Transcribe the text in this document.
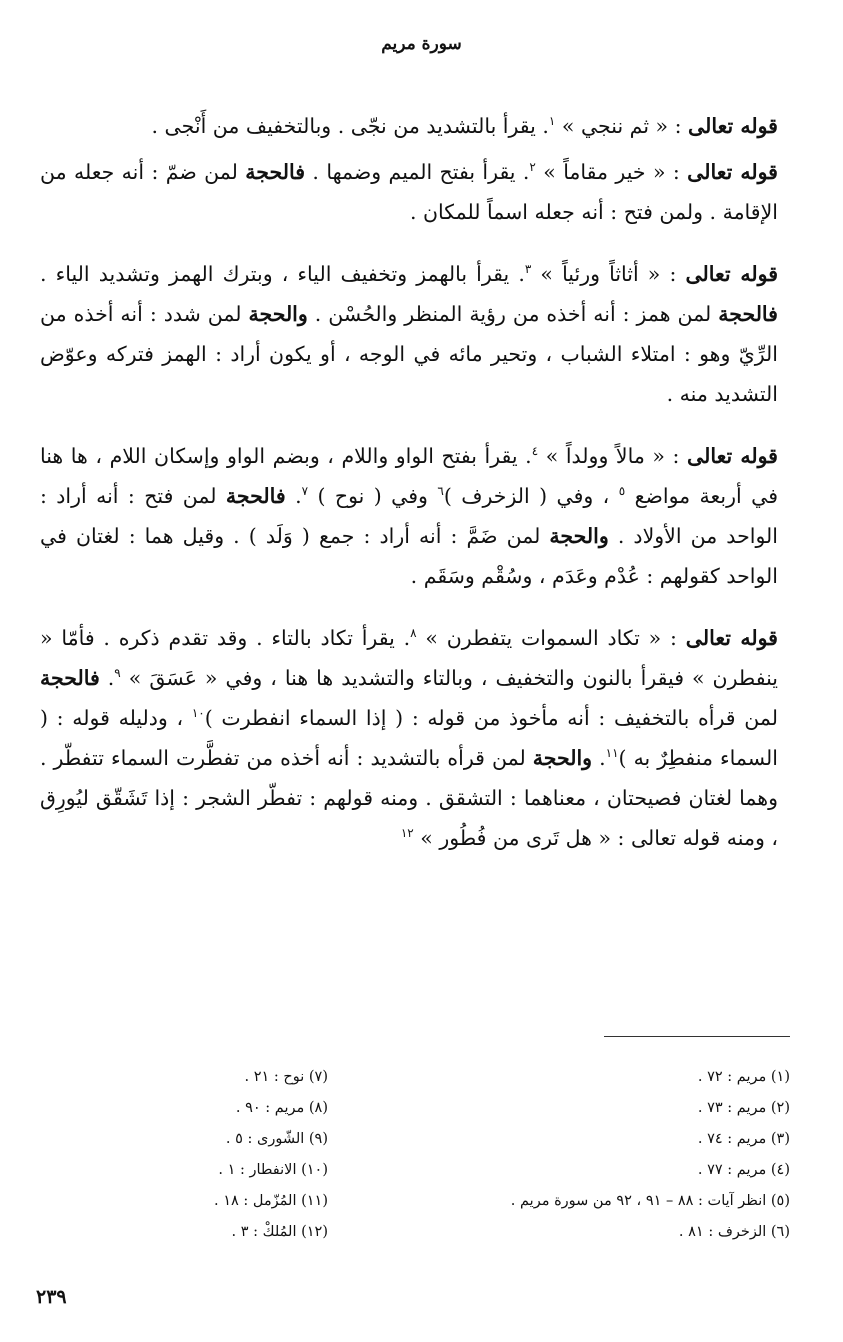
سورة مريم

قوله تعالى : « ثم ننجي » $^١$. يقرأ بالتشديد من نجّى . وبالتخفيف من أَنْجى .

قوله تعالى : « خير مقاماً » $^٢$. يقرأ بفتح الميم وضمها . فالحجة لمن ضمّ : أنه جعله من الإقامة . ولمن فتح : أنه جعله اسماً للمكان .

قوله تعالى : « أثاثاً ورئياً » $^٣$. يقرأ بالهمز وتخفيف الياء ، وبترك الهمز وتشديد الياء . فالحجة لمن همز : أنه أخذه من رؤية المنظر والحُسْن . والحجة لمن شدد : أنه أخذه من الرِّيّ وهو : امتلاء الشباب ، وتحير مائه في الوجه ، أو يكون أراد : الهمز فتركه وعوّض التشديد منه .

قوله تعالى : « مالاً وولداً » $^٤$. يقرأ بفتح الواو واللام ، وبضم الواو وإسكان اللام ، ها هنا في أربعة مواضع $^٥$ ، وفي ( الزخرف )$^٦$ وفي ( نوح ) $^٧$. فالحجة لمن فتح : أنه أراد : الواحد من الأولاد . والحجة لمن ضَمَّ : أنه أراد : جمع ( وَلَد ) . وقيل هما : لغتان في الواحد كقولهم : عُدْم وعَدَم ، وسُقْم وسَقَم .

قوله تعالى : « تكاد السموات يتفطرن » $^٨$. يقرأ تكاد بالتاء . وقد تقدم ذكره . فأمّا « ينفطرن » فيقرأ بالنون والتخفيف ، وبالتاء والتشديد ها هنا ، وفي « عَسَقَ » $^٩$. فالحجة لمن قرأه بالتخفيف : أنه مأخوذ من قوله : ( إذا السماء انفطرت )$^{١٠}$ ، ودليله قوله : ( السماء منفطِرٌ به )$^{١١}$. والحجة لمن قرأه بالتشديد : أنه أخذه من تفطَّرت السماء تتفطّر . وهما لغتان فصيحتان ، معناهما : التشقق . ومنه قولهم : تفطّر الشجر : إذا تَشَقّق ليُورِق ، ومنه قوله تعالى : « هل تَرى من فُطُور » $^{١٢}$

(١) مريم : ٧٢ .
(٢) مريم : ٧٣ .
(٣) مريم : ٧٤ .
(٤) مريم : ٧٧ .
(٥) انظر آيات : ٨٨ – ٩١ ، ٩٢ من سورة مريم .
(٦) الزخرف : ٨١ .
(٧) نوح : ٢١ .
(٨) مريم : ٩٠ .
(٩) الشّورى : ٥ .
(١٠) الانفطار : ١ .
(١١) المُزّمل : ١٨ .
(١٢) المُلكْ : ٣ .
٢٣٩
